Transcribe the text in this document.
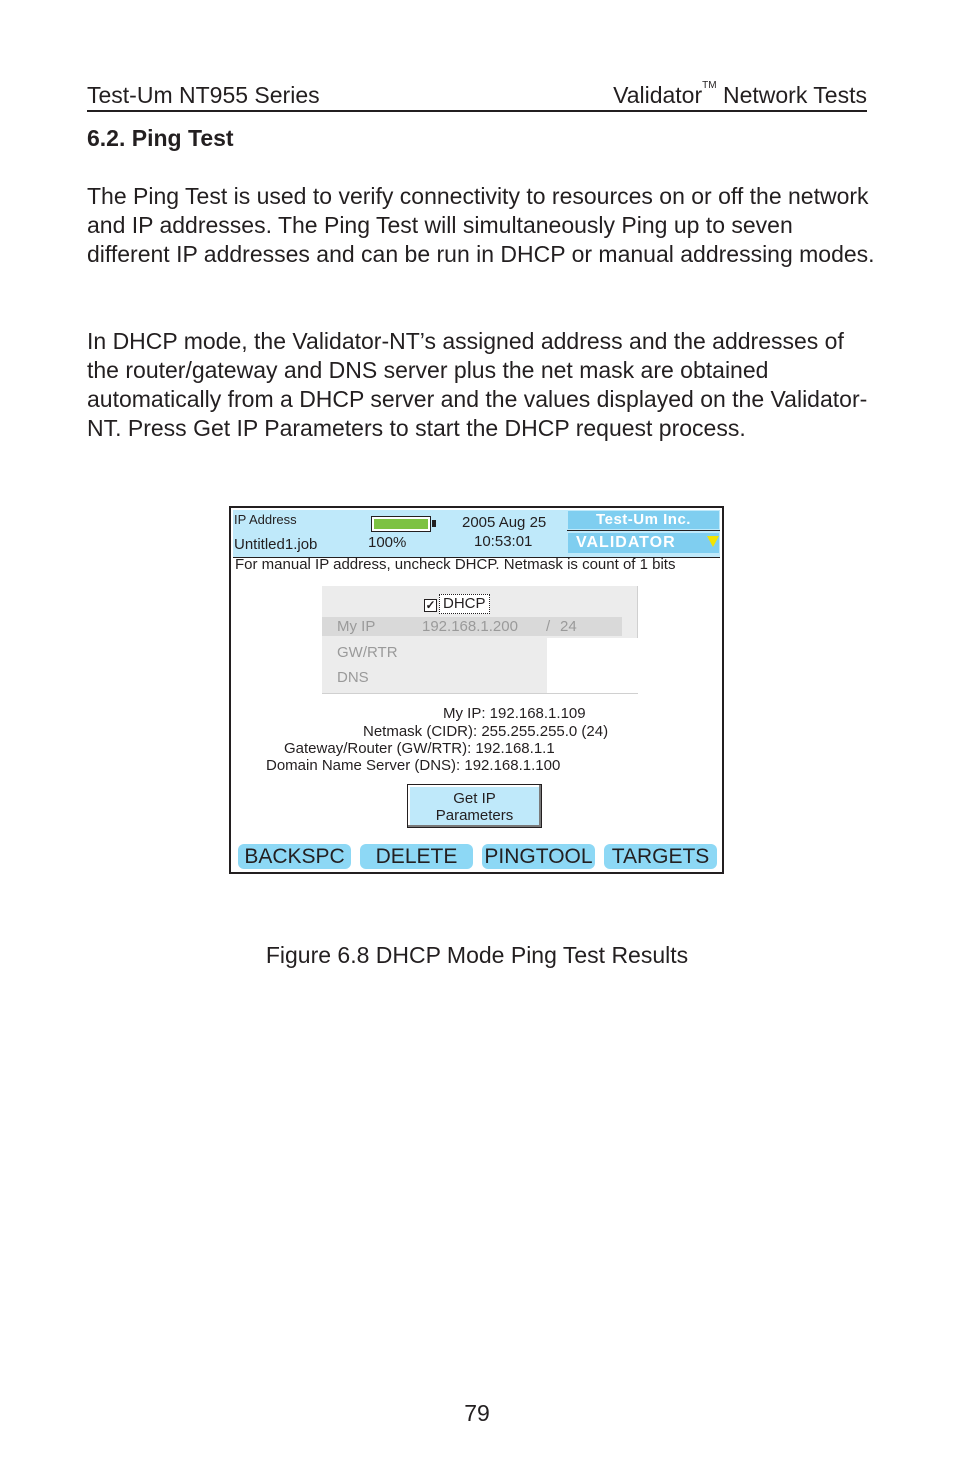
Test-Um NT955 Series	Validator™ Network Tests
6.2. Ping Test

The Ping Test is used to verify connectivity to resources on or off the network and IP addresses. The Ping Test will simultaneously Ping up to seven different IP addresses and can be run in DHCP or manual addressing modes.

In DHCP mode, the Validator-NT’s assigned address and the addresses of the router/gateway and DNS server plus the net mask are obtained automatically from a DHCP server and the values displayed on the Validator-NT. Press Get IP Parameters to start the DHCP request process.

IP Address
Untitled1.job	100%
2005 Aug 25
10:53:01
Test-Um Inc.
VALIDATOR
For manual IP address, uncheck DHCP. Netmask is count of 1 bits
✓ DHCP
My IP	192.168.1.200 / 24
GW/RTR
DNS
My IP: 192.168.1.109
Netmask (CIDR): 255.255.255.0 (24)
Gateway/Router (GW/RTR): 192.168.1.1
Domain Name Server (DNS): 192.168.1.100
Get IP
Parameters
BACKSPC	DELETE	PINGTOOL TARGETS
Figure 6.8 DHCP Mode Ping Test Results
79
